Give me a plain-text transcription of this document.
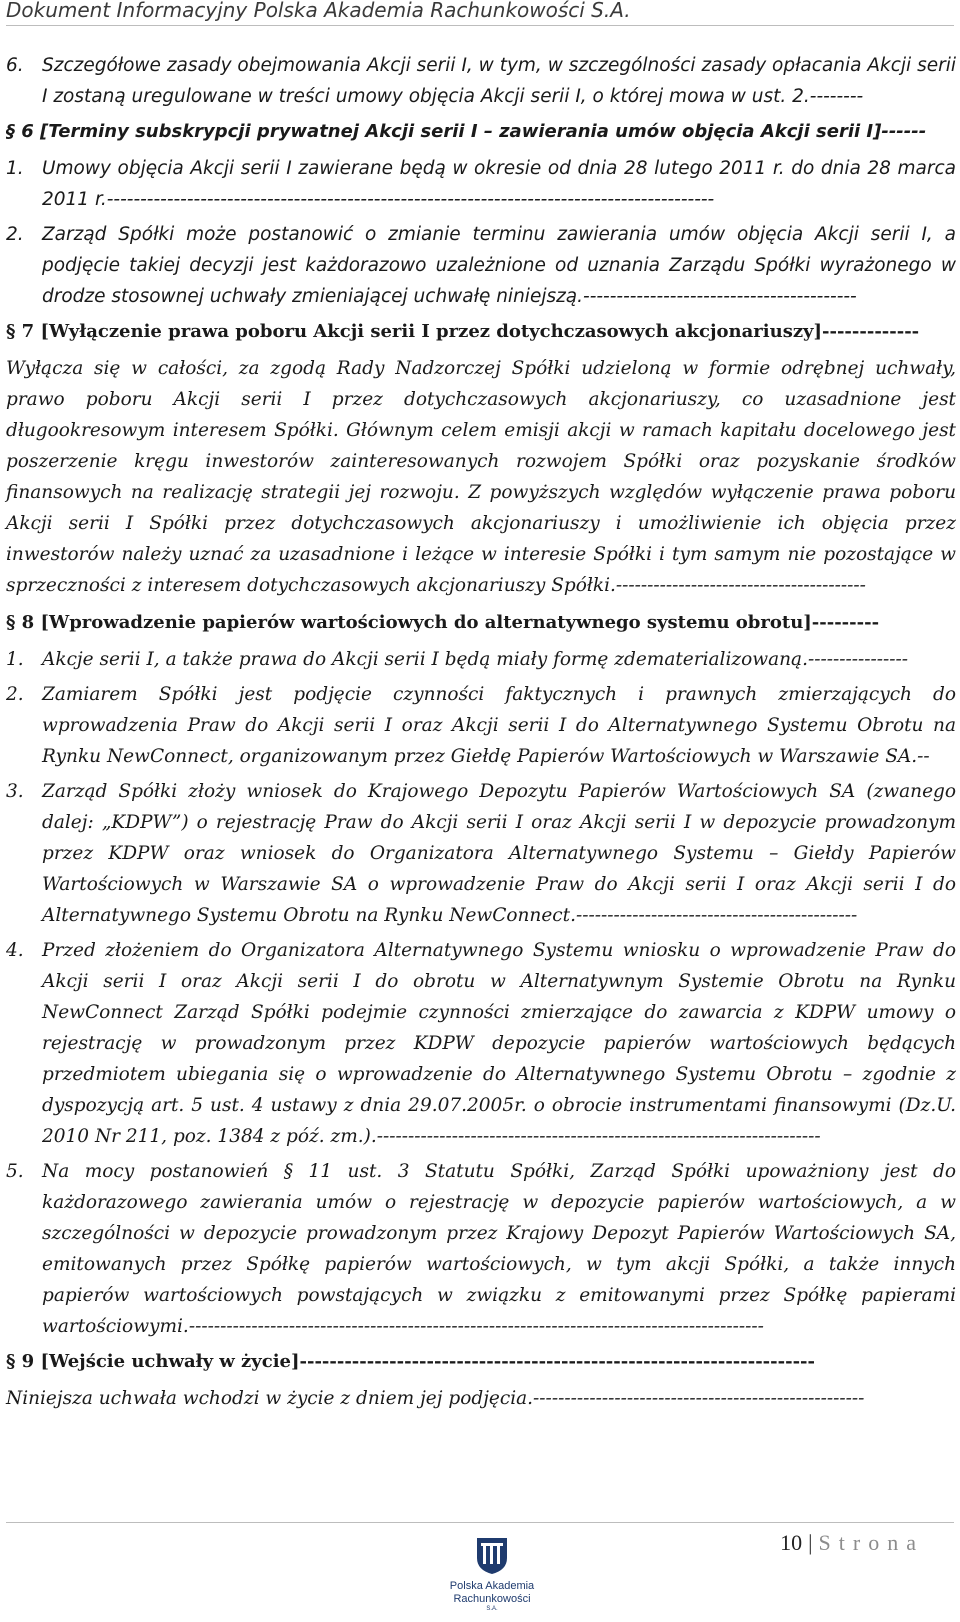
Dokument Informacyjny Polska Akademia Rachunkowości S.A.
6. Szczegółowe zasady obejmowania Akcji serii I, w tym, w szczególności zasady opłacania Akcji serii I zostaną uregulowane w treści umowy objęcia Akcji serii I, o której mowa w ust. 2.--------
§ 6 [Terminy subskrypcji prywatnej Akcji serii I – zawierania umów objęcia Akcji serii I]------
1. Umowy objęcia Akcji serii I zawierane będą w okresie od dnia 28 lutego 2011 r. do dnia 28 marca 2011 r.-------------------------------------------------------------------------------------------
2. Zarząd Spółki może postanowić o zmianie terminu zawierania umów objęcia Akcji serii I, a podjęcie takiej decyzji jest każdorazowo uzależnione od uznania Zarządu Spółki wyrażonego w drodze stosownej uchwały zmieniającej uchwałę niniejszą.-----------------------------------------
§ 7 [Wyłączenie prawa poboru Akcji serii I przez dotychczasowych akcjonariuszy]-------------
Wyłącza się w całości, za zgodą Rady Nadzorczej Spółki udzieloną w formie odrębnej uchwały, prawo poboru Akcji serii I przez dotychczasowych akcjonariuszy, co uzasadnione jest długookresowym interesem Spółki. Głównym celem emisji akcji w ramach kapitału docelowego jest poszerzenie kręgu inwestorów zainteresowanych rozwojem Spółki oraz pozyskanie środków finansowych na realizację strategii jej rozwoju. Z powyższych względów wyłączenie prawa poboru Akcji serii I Spółki przez dotychczasowych akcjonariuszy i umożliwienie ich objęcia przez inwestorów należy uznać za uzasadnione i leżące w interesie Spółki i tym samym nie pozostające w sprzeczności z interesem dotychczasowych akcjonariuszy Spółki.----------------------------------------
§ 8 [Wprowadzenie papierów wartościowych do alternatywnego systemu obrotu]---------
1. Akcje serii I, a także prawa do Akcji serii I będą miały formę zdematerializowaną.----------------
2. Zamiarem Spółki jest podjęcie czynności faktycznych i prawnych zmierzających do wprowadzenia Praw do Akcji serii I oraz Akcji serii I do Alternatywnego Systemu Obrotu na Rynku NewConnect, organizowanym przez Giełdę Papierów Wartościowych w Warszawie SA.--
3. Zarząd Spółki złoży wniosek do Krajowego Depozytu Papierów Wartościowych SA (zwanego dalej: „KDPW”) o rejestrację Praw do Akcji serii I oraz Akcji serii I w depozycie prowadzonym przez KDPW oraz wniosek do Organizatora Alternatywnego Systemu – Giełdy Papierów Wartościowych w Warszawie SA o wprowadzenie Praw do Akcji serii I oraz Akcji serii I do Alternatywnego Systemu Obrotu na Rynku NewConnect.---------------------------------------------
4. Przed złożeniem do Organizatora Alternatywnego Systemu wniosku o wprowadzenie Praw do Akcji serii I oraz Akcji serii I do obrotu w Alternatywnym Systemie Obrotu na Rynku NewConnect Zarząd Spółki podejmie czynności zmierzające do zawarcia z KDPW umowy o rejestrację w prowadzonym przez KDPW depozycie papierów wartościowych będących przedmiotem ubiegania się o wprowadzenie do Alternatywnego Systemu Obrotu – zgodnie z dyspozycją art. 5 ust. 4 ustawy z dnia 29.07.2005r. o obrocie instrumentami finansowymi (Dz.U. 2010 Nr 211, poz. 1384 z póź. zm.).-----------------------------------------------------------------------
5. Na mocy postanowień § 11 ust. 3 Statutu Spółki, Zarząd Spółki upoważniony jest do każdorazowego zawierania umów o rejestrację w depozycie papierów wartościowych, a w szczególności w depozycie prowadzonym przez Krajowy Depozyt Papierów Wartościowych SA, emitowanych przez Spółkę papierów wartościowych, w tym akcji Spółki, a także innych papierów wartościowych powstających w związku z emitowanymi przez Spółkę papierami wartościowymi.--------------------------------------------------------------------------------------------
§ 9 [Wejście uchwały w życie]---------------------------------------------------------------------
Niniejsza uchwała wchodzi w życie z dniem jej podjęcia.-----------------------------------------------------
Polska Akademia
Rachunkowości
S.A.
10 | Strona
